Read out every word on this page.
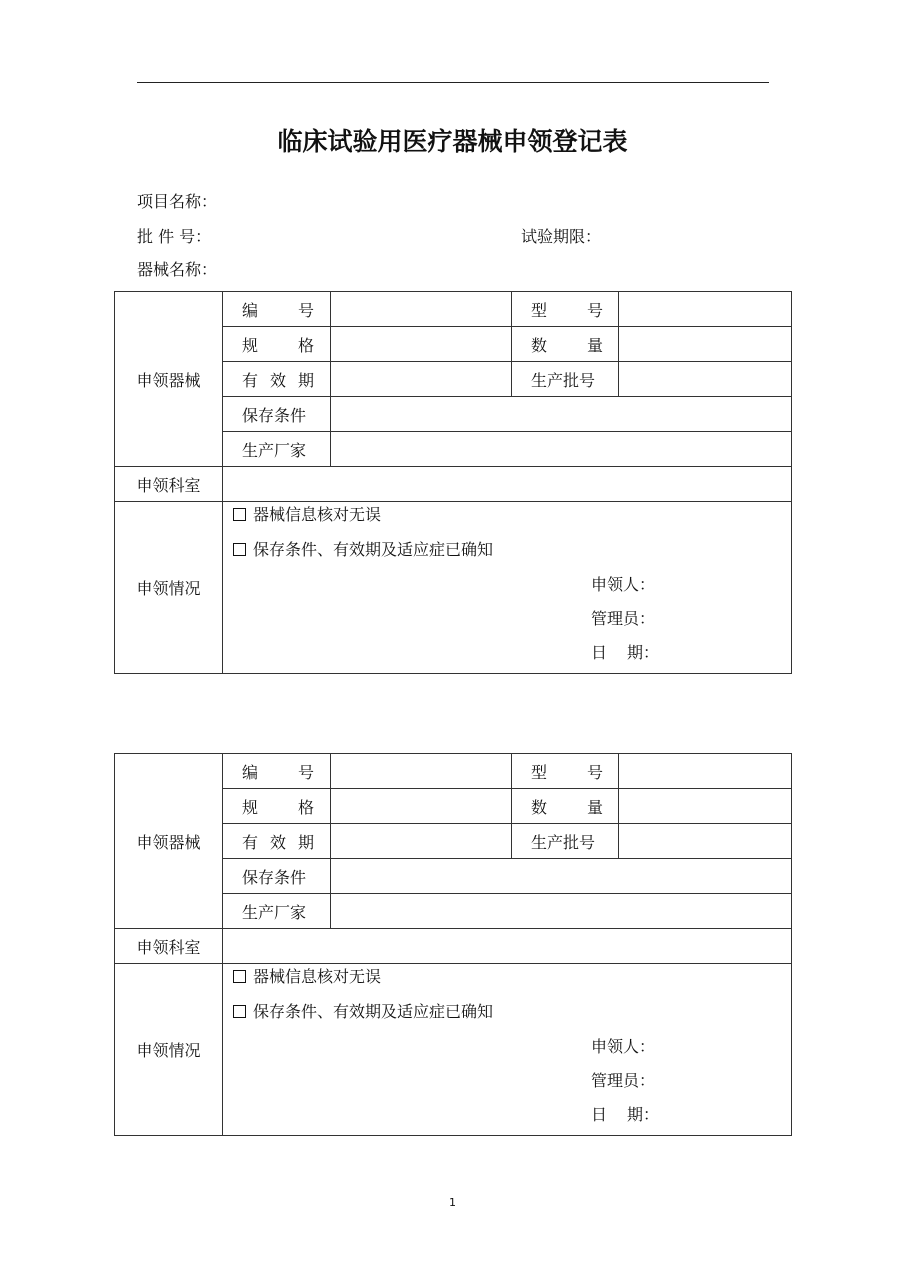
临床试验用医疗器械申领登记表
项目名称：
批 件 号：	试验期限：
器械名称：
申领器械	编 号		型 号	

	规 格		数 量	

	有 效 期		生产批号	
	保存条件			
	生产厂家			
申领科室				
申领情况	器械信息核对无误
保存条件、有效期及适应症已确知
申领人：
管理员：
日 期：			
申领器械	编 号		型 号	

	规 格		数 量	

	有 效 期		生产批号	
	保存条件			
	生产厂家			
申领科室				
申领情况	器械信息核对无误
保存条件、有效期及适应症已确知
申领人：
管理员：
日 期：			
1
